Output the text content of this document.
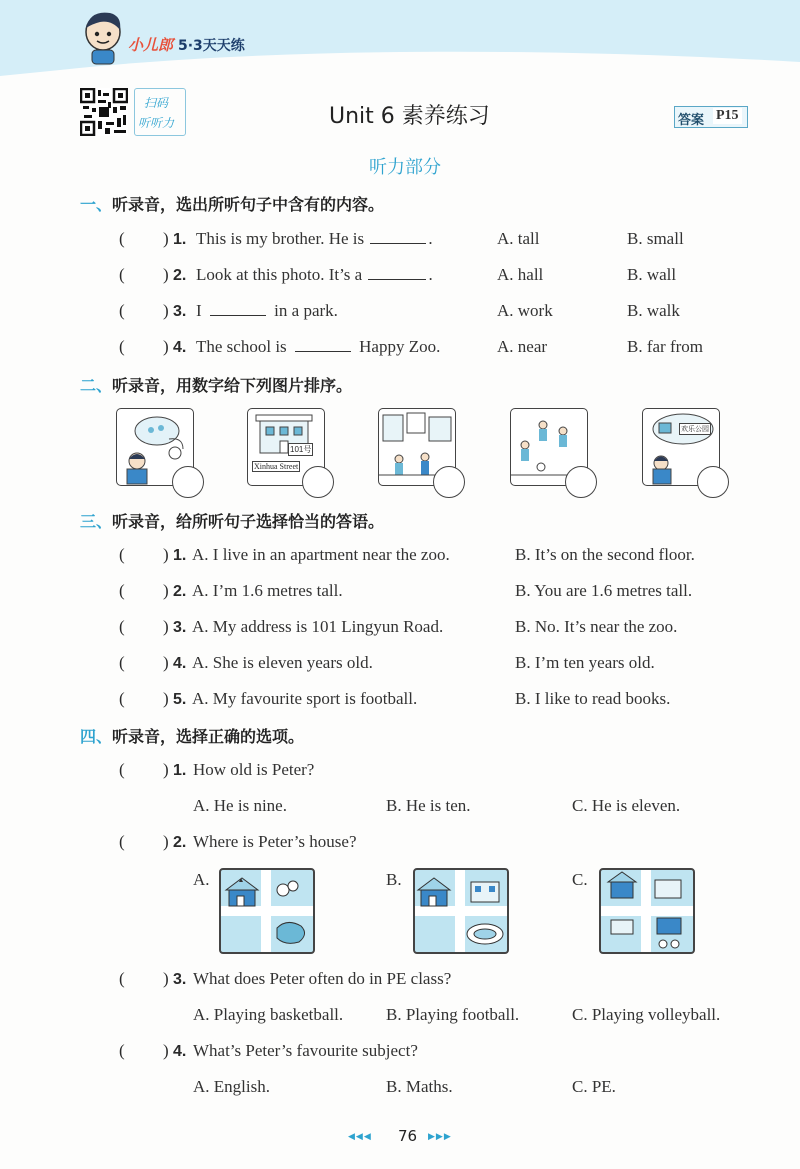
小儿郎 5·3天天练
扫码
听听力	Unit 6 素养练习	答案 P15
听力部分
一、听录音，选出所听句子中含有的内容。
( ) 1. This is my brother. He is	.	A. tall	B. small
( ) 2. Look at this photo. It’s a	.	A. hall	B. wall
( ) 3. I	in a park.	A. work	B. walk
( ) 4. The school is	Happy Zoo.	A. near	B. far from
二、听录音，用数字给下列图片排序。
101号
Xinhua Street
欢乐公园
三、听录音，给所听句子选择恰当的答语。
( ) 1. A. I live in an apartment near the zoo.	B. It’s on the second floor.
( ) 2. A. I’m 1.6 metres tall.	B. You are 1.6 metres tall.
( ) 3. A. My address is 101 Lingyun Road.	B. No. It’s near the zoo.
( ) 4. A. She is eleven years old.	B. I’m ten years old.
( ) 5. A. My favourite sport is football.	B. I like to read books.
四、听录音，选择正确的选项。
( ) 1. How old is Peter?
A. He is nine.	B. He is ten.	C. He is eleven.
( ) 2. Where is Peter’s house?
A.	B.	C.
( ) 3. What does Peter often do in PE class?
A. Playing basketball.	B. Playing football.	C. Playing volleyball.
( ) 4. What’s Peter’s favourite subject?
A. English.	B. Maths.	C. PE.
◀◀◀ 76 ▶▶▶
